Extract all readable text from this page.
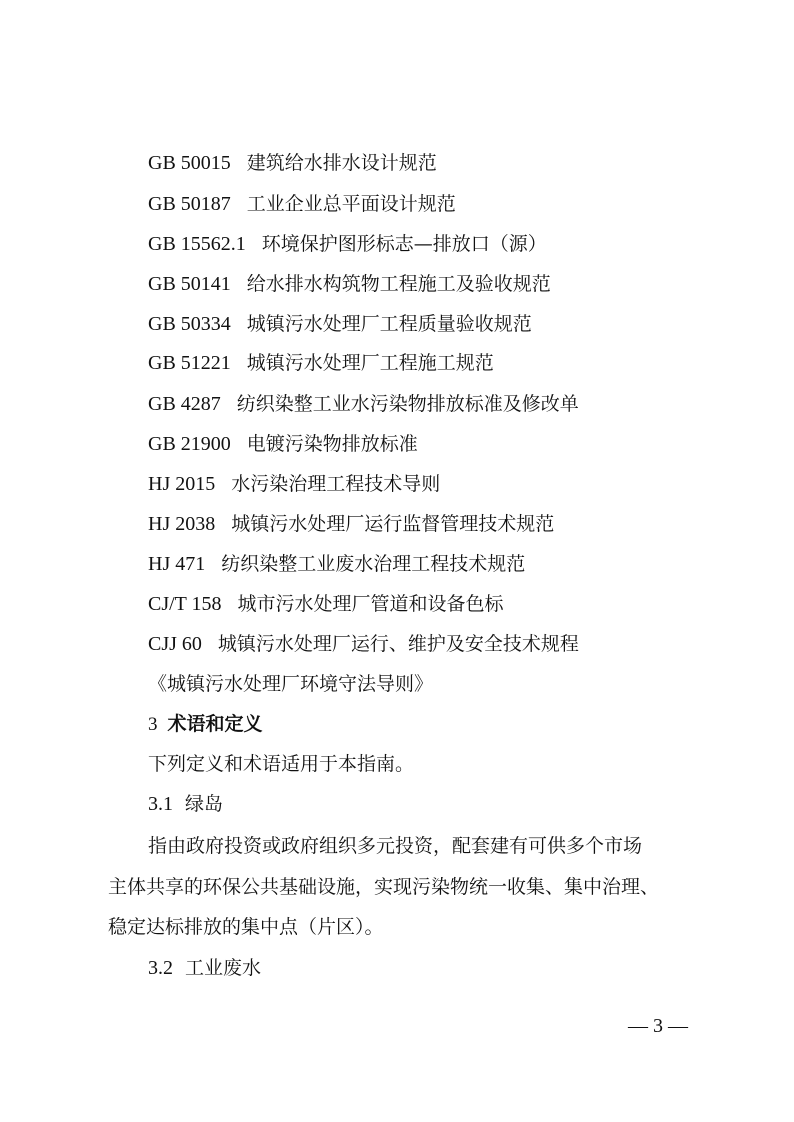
GB 50015 建筑给水排水设计规范
GB 50187 工业企业总平面设计规范
GB 15562.1 环境保护图形标志—排放口（源）
GB 50141 给水排水构筑物工程施工及验收规范
GB 50334 城镇污水处理厂工程质量验收规范
GB 51221 城镇污水处理厂工程施工规范
GB 4287 纺织染整工业水污染物排放标准及修改单
GB 21900 电镀污染物排放标准
HJ 2015 水污染治理工程技术导则
HJ 2038 城镇污水处理厂运行监督管理技术规范
HJ 471 纺织染整工业废水治理工程技术规范
CJ/T 158 城市污水处理厂管道和设备色标
CJJ 60 城镇污水处理厂运行、维护及安全技术规程
《城镇污水处理厂环境守法导则》
3 术语和定义
下列定义和术语适用于本指南。
3.1 绿岛
指由政府投资或政府组织多元投资，配套建有可供多个市场
主体共享的环保公共基础设施，实现污染物统一收集、集中治理、
稳定达标排放的集中点（片区）。
3.2 工业废水
— 3 —
